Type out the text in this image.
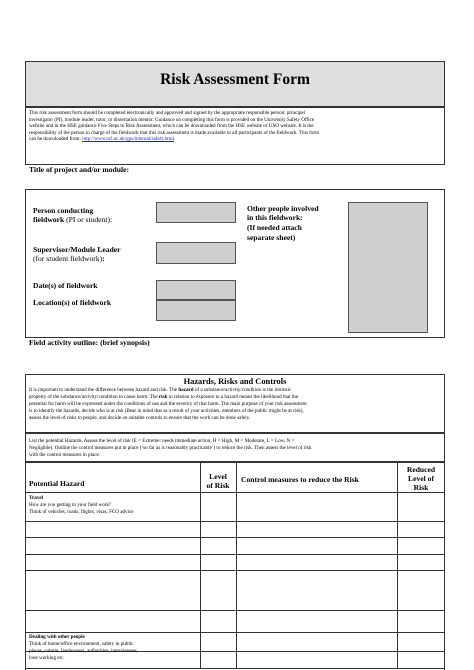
Risk Assessment Form
This risk assessment form should be completed electronically and approved and signed by the appropriate responsible person: principal
investigator (PI), module leader, tutor, or dissertation mentor. Guidance on completing this form is provided on the University Safety Office
website and in the HSE guidance Five Steps to Risk Assessment, which can be downloaded from the HSE website or USO website. It is the
responsibility of the person in charge of the fieldwork that this risk assessment is made available to all participants of the fieldwork. This form
can be downloaded from: http://www.ncl.ac.uk/gps/internal/safety.html.
Title of project and/or module:
Person conducting
fieldwork (PI or student):
Supervisor/Module Leader
(for student fieldwork):
Date(s) of fieldwork
Location(s) of fieldwork
Other people involved
in this fieldwork:
(If needed attach
separate sheet)
Field activity outline: (brief synopsis)
Hazards, Risks and Controls
It is important to understand the difference between hazard and risk. The hazard of a substance/activity/condition is the intrinsic
property of the substance/activity/condition to cause harm. The risk in relation to exposure to a hazard means the likelihood that the
potential for harm will be expressed under the conditions of use and the severity of that harm. The main purpose of your risk assessment
is to identify the hazards, decide who is at risk (Bear in mind that as a result of your activities, members of the public might be at risk),
assess the level of risks to people, and decide on suitable controls to ensure that the work can be done safely.
List the potential Hazards. Assess the level of risk (E = Extreme: needs immediate action, H = High, M = Moderate, L = Low, N =
Negligible). Outline the control measures put in place (‘so far as is reasonably practicable’) to reduce the risk. Then assess the level of risk
with the control measures in place.
Potential Hazard
Level
of Risk
Control measures to reduce the Risk
Reduced
Level of
Risk
Travel
How are you getting to your field work?
Think of vehicles, roads, flights, visas, FCO advice
Dealing with other people
Think of home/office environment, safety in public
places, culture, landowners, authorities, interviewees,
lone working etc.
